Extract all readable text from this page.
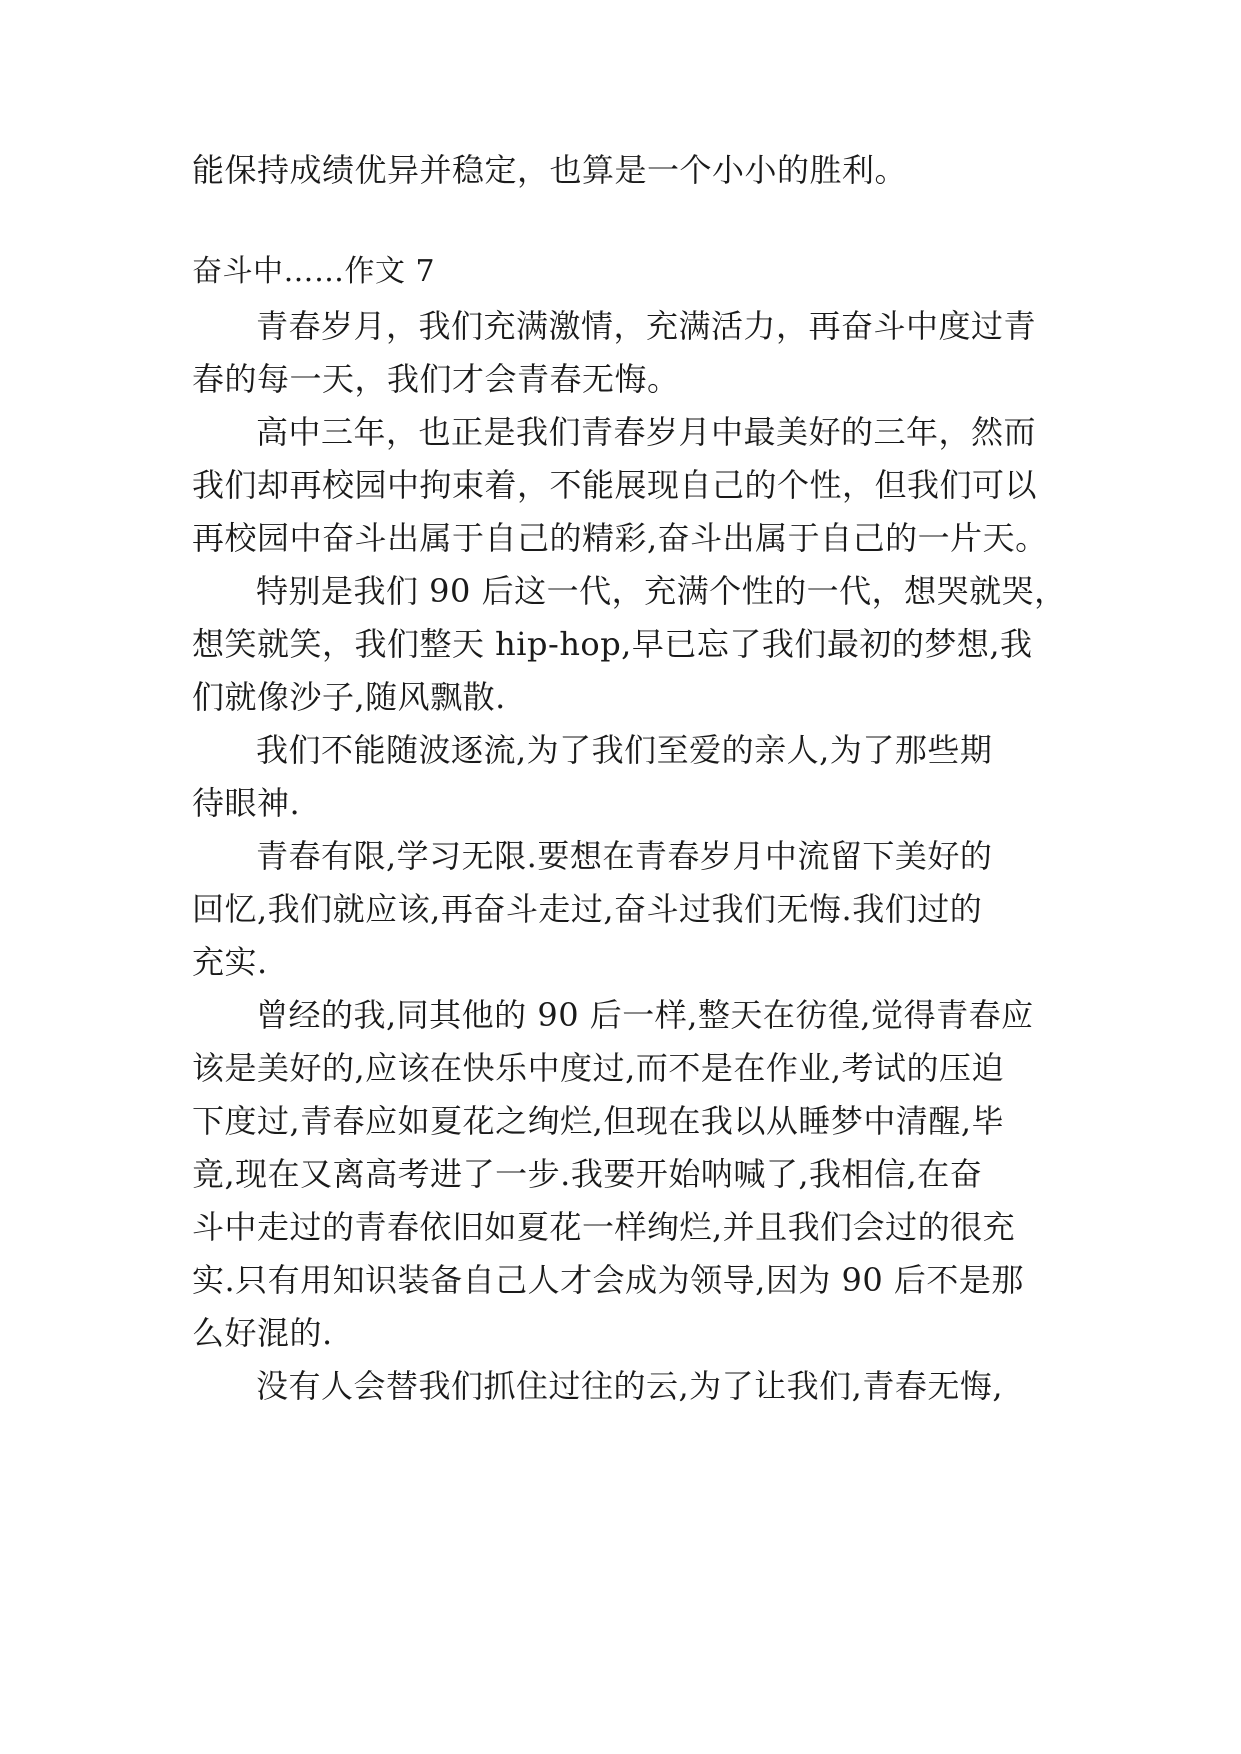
能保持成绩优异并稳定，也算是一个小小的胜利。
奋斗中……作文 7
青春岁月，我们充满激情，充满活力，再奋斗中度过青
春的每一天，我们才会青春无悔。
高中三年，也正是我们青春岁月中最美好的三年，然而
我们却再校园中拘束着，不能展现自己的个性，但我们可以
再校园中奋斗出属于自己的精彩,奋斗出属于自己的一片天。
特别是我们 90 后这一代，充满个性的一代，想哭就哭，
想笑就笑，我们整天 hip-hop,早已忘了我们最初的梦想,我
们就像沙子,随风飘散.
我们不能随波逐流,为了我们至爱的亲人,为了那些期
待眼神.
青春有限,学习无限.要想在青春岁月中流留下美好的
回忆,我们就应该,再奋斗走过,奋斗过我们无悔.我们过的
充实.
曾经的我,同其他的 90 后一样,整天在彷徨,觉得青春应
该是美好的,应该在快乐中度过,而不是在作业,考试的压迫
下度过,青春应如夏花之绚烂,但现在我以从睡梦中清醒,毕
竟,现在又离高考进了一步.我要开始呐喊了,我相信,在奋
斗中走过的青春依旧如夏花一样绚烂,并且我们会过的很充
实.只有用知识装备自己人才会成为领导,因为 90 后不是那
么好混的.
没有人会替我们抓住过往的云,为了让我们,青春无悔,
